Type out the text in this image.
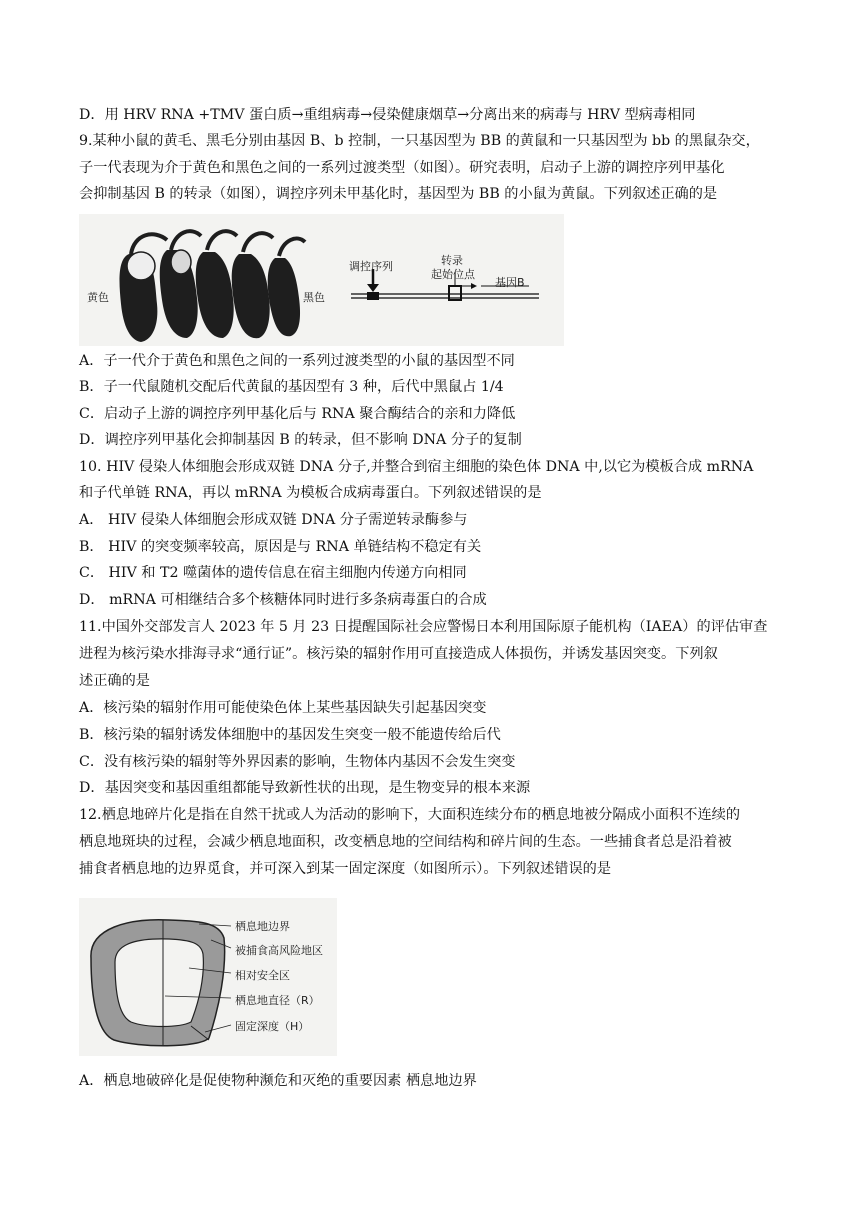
D．用 HRV RNA +TMV 蛋白质→重组病毒→侵染健康烟草→分离出来的病毒与 HRV 型病毒相同
9.某种小鼠的黄毛、黑毛分别由基因 B、b 控制，一只基因型为 BB 的黄鼠和一只基因型为 bb 的黑鼠杂交，
子一代表现为介于黄色和黑色之间的一系列过渡类型（如图）。研究表明，启动子上游的调控序列甲基化
会抑制基因 B 的转录（如图），调控序列未甲基化时，基因型为 BB 的小鼠为黄鼠。下列叙述正确的是
黄色	黑色
调控序列	转录
起始位点
基因B
A．子一代介于黄色和黑色之间的一系列过渡类型的小鼠的基因型不同
B．子一代鼠随机交配后代黄鼠的基因型有 3 种，后代中黑鼠占 1/4
C．启动子上游的调控序列甲基化后与 RNA 聚合酶结合的亲和力降低
D．调控序列甲基化会抑制基因 B 的转录，但不影响 DNA 分子的复制
10. HIV 侵染人体细胞会形成双链 DNA 分子,并整合到宿主细胞的染色体 DNA 中,以它为模板合成 mRNA
和子代单链 RNA，再以 mRNA 为模板合成病毒蛋白。下列叙述错误的是
A． HIV 侵染人体细胞会形成双链 DNA 分子需逆转录酶参与
B． HIV 的突变频率较高，原因是与 RNA 单链结构不稳定有关
C． HIV 和 T2 噬菌体的遗传信息在宿主细胞内传递方向相同
D． mRNA 可相继结合多个核糖体同时进行多条病毒蛋白的合成
11.中国外交部发言人 2023 年 5 月 23 日提醒国际社会应警惕日本利用国际原子能机构（IAEA）的评估审查
进程为核污染水排海寻求“通行证”。核污染的辐射作用可直接造成人体损伤，并诱发基因突变。下列叙
述正确的是
A．核污染的辐射作用可能使染色体上某些基因缺失引起基因突变
B．核污染的辐射诱发体细胞中的基因发生突变一般不能遗传给后代
C．没有核污染的辐射等外界因素的影响，生物体内基因不会发生突变
D．基因突变和基因重组都能导致新性状的出现，是生物变异的根本来源
12.栖息地碎片化是指在自然干扰或人为活动的影响下，大面积连续分布的栖息地被分隔成小面积不连续的
栖息地斑块的过程，会减少栖息地面积，改变栖息地的空间结构和碎片间的生态。一些捕食者总是沿着被
捕食者栖息地的边界觅食，并可深入到某一固定深度（如图所示）。下列叙述错误的是
栖息地边界
被捕食高风险地区
相对安全区
栖息地直径（R）
固定深度（H）
A．栖息地破碎化是促使物种濒危和灭绝的重要因素 栖息地边界
